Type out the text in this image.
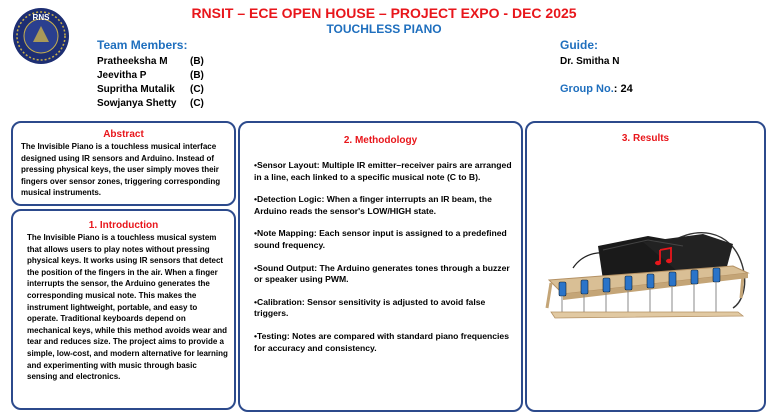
RNS	RNSIT – ECE OPEN HOUSE – PROJECT EXPO - DEC 2025
TOUCHLESS PIANO
Team Members:
Pratheeksha M (B)
Jeevitha P	(B)
Supritha Mutalik (C)
Sowjanya Shetty (C)
Guide:
Dr. Smitha N
Group No.: 24
Abstract
The Invisible Piano is a touchless musical interface designed using IR sensors and Arduino. Instead of pressing physical keys, the user simply moves their fingers over sensor zones, triggering corresponding musical instruments.
1. Introduction
The Invisible Piano is a touchless musical system that allows users to play notes without pressing physical keys. It works using IR sensors that detect the position of the fingers in the air. When a finger interrupts the sensor, the Arduino generates the corresponding musical note. This makes the instrument lightweight, portable, and easy to operate. Traditional keyboards depend on mechanical keys, while this method avoids wear and tear and reduces size. The project aims to provide a simple, low-cost, and modern alternative for learning and experimenting with music through basic sensing and electronics.
2. Methodology

•Sensor Layout: Multiple IR emitter–receiver pairs are arranged in a line, each linked to a specific musical note (C to B).

•Detection Logic: When a finger interrupts an IR beam, the Arduino reads the sensor's LOW/HIGH state.

•Note Mapping: Each sensor input is assigned to a predefined sound frequency.

•Sound Output: The Arduino generates tones through a buzzer or speaker using PWM.

•Calibration: Sensor sensitivity is adjusted to avoid false triggers.

•Testing: Notes are compared with standard piano frequencies for accuracy and consistency.

3. Results
